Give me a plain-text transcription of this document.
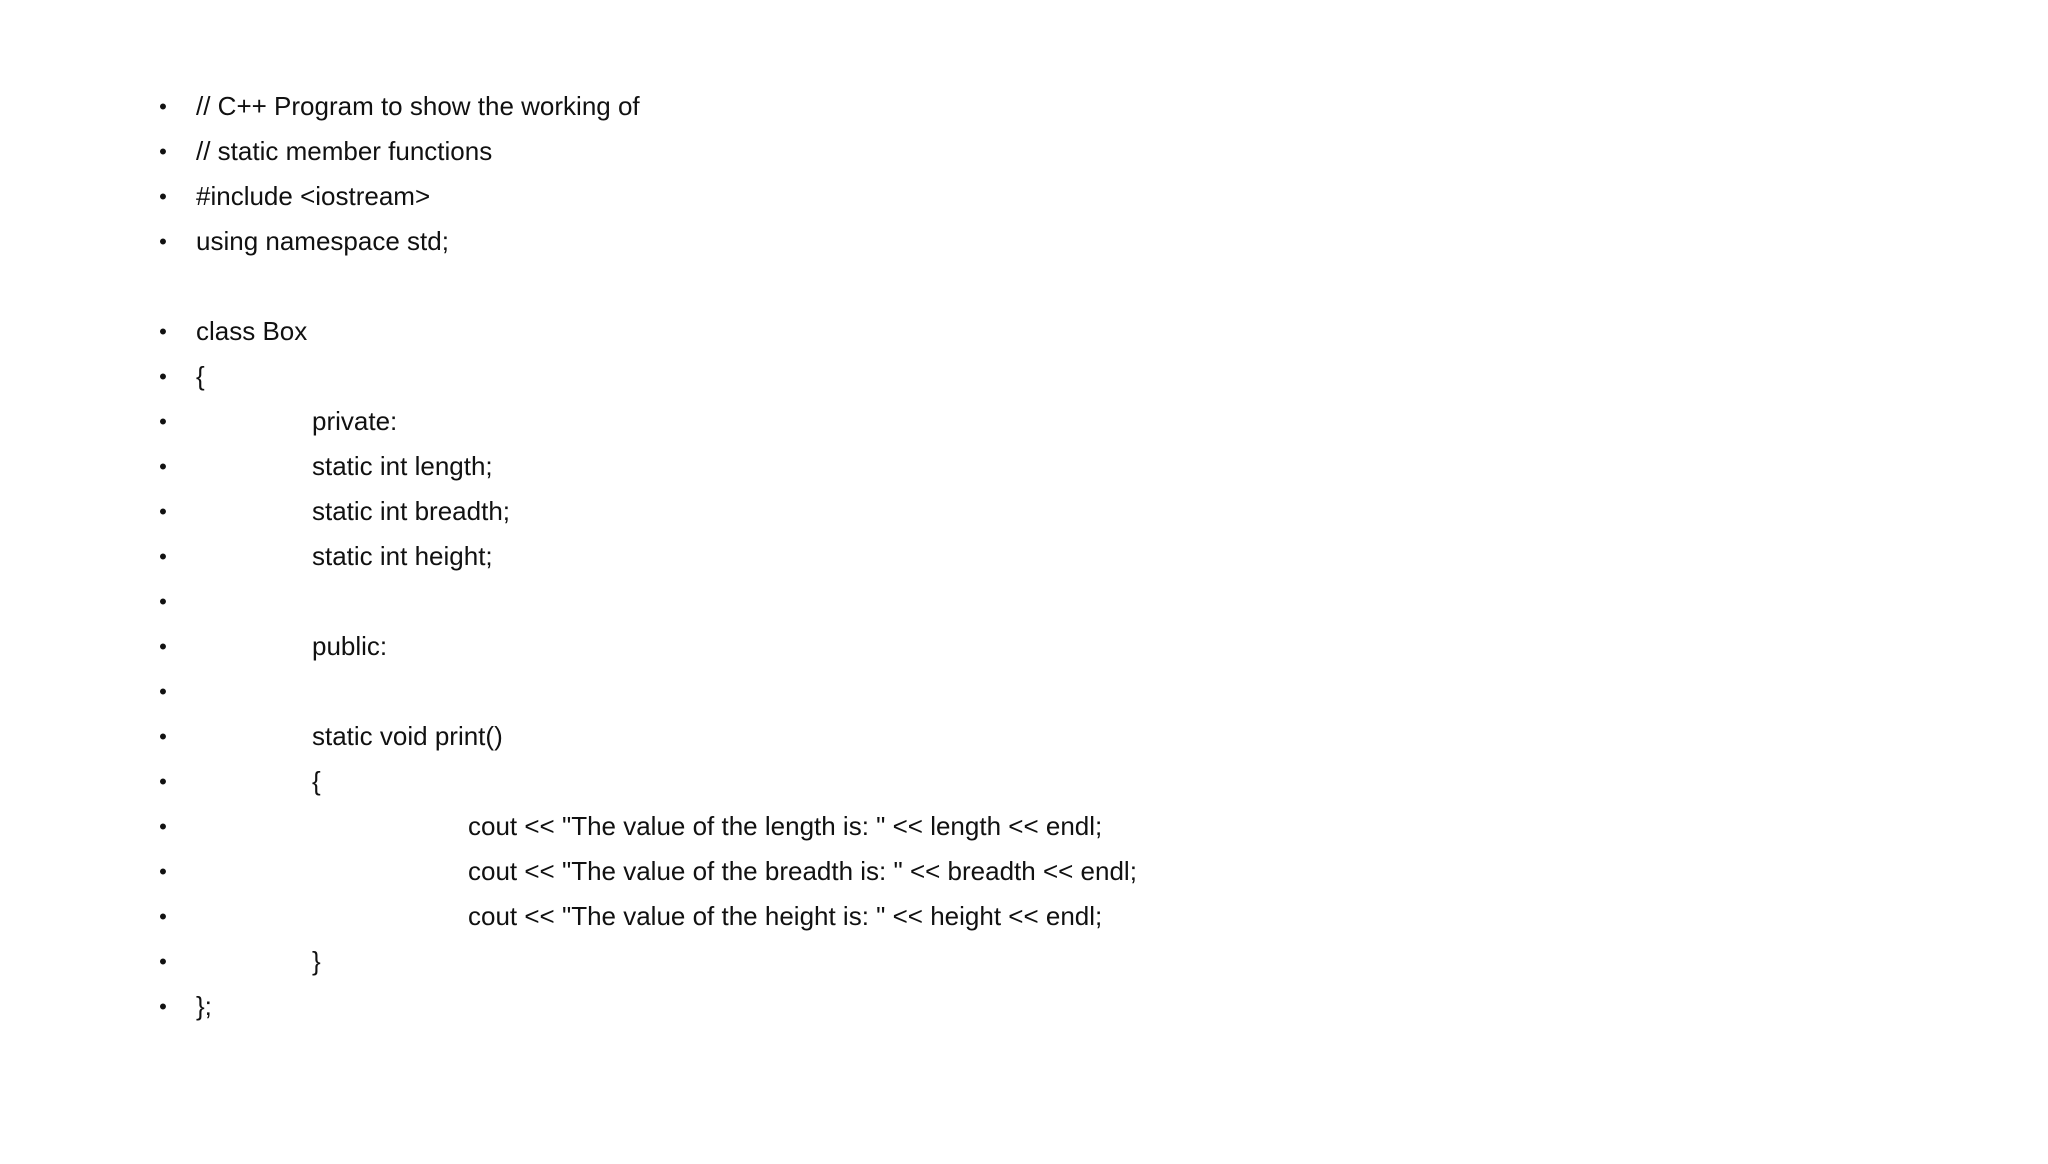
•

// C++ Program to show the working of

•

// static member functions

•

#include <iostream>

•

using namespace std;

•

class Box

•

{

•

	private:

•

	static int length;

•

	static int breadth;

•

	static int height;

•

•

	public:

•

•

	static void print()

•

	{

•

	cout << "The value of the length is: " << length << endl;

•

	cout << "The value of the breadth is: " << breadth << endl;

•

	cout << "The value of the height is: " << height << endl;

•

	}

•

};
